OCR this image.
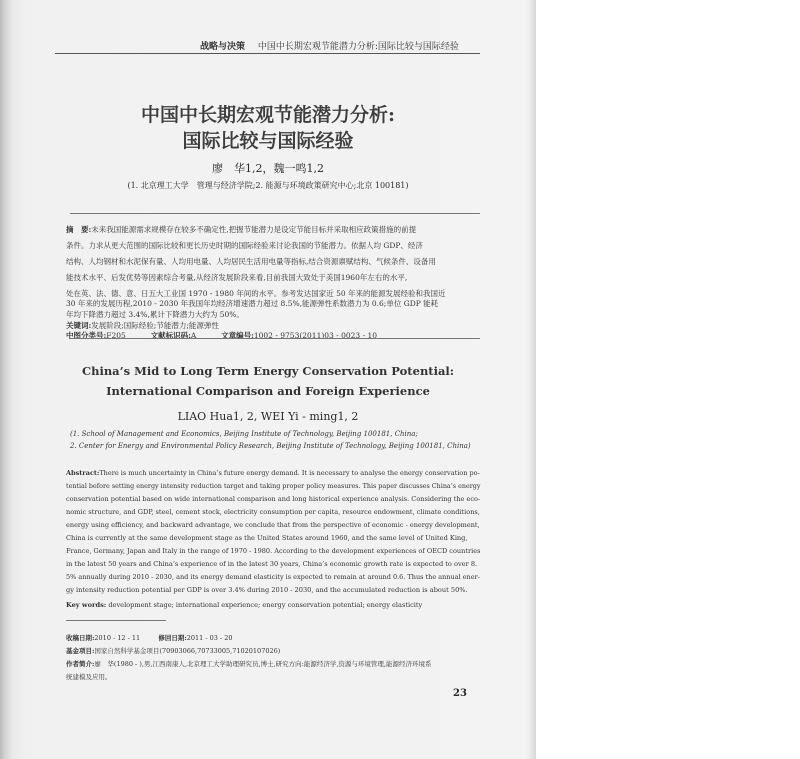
战略与决策 中国中长期宏观节能潜力分析:国际比较与国际经验
中国中长期宏观节能潜力分析:
国际比较与国际经验
廖　华1,2，魏一鸣1,2
(1. 北京理工大学　管理与经济学院;2. 能源与环境政策研究中心;北京 100181)
摘　要:未来我国能源需求规模存在较多不确定性,把握节能潜力是设定节能目标并采取相应政策措施的前提
条件。力求从更大范围的国际比较和更长历史时期的国际经验来讨论我国的节能潜力。依据人均 GDP、经济
结构、人均钢材和水泥保有量、人均用电量、人均居民生活用电量等指标,结合资源禀赋结构、气候条件、设备用
能技术水平、后发优势等因素综合考量,从经济发展阶段来看,目前我国大致处于美国1960年左右的水平,
处在英、法、德、意、日五大工业国 1970 - 1980 年间的水平。参考发达国家近 50 年来的能源发展经验和我国近
30 年来的发展历程,2010 - 2030 年我国年均经济增速潜力超过 8.5%,能源弹性系数潜力为 0.6;单位 GDP 能耗
年均下降潜力超过 3.4%,累计下降潜力大约为 50%。
关键词:发展阶段;国际经验;节能潜力;能源弹性
中图分类号:F205	文献标识码:A	文章编号:1002 - 9753(2011)03 - 0023 - 10
China’s Mid to Long Term Energy Conservation Potential:
International Comparison and Foreign Experience
LIAO Hua1, 2, WEI Yi - ming1, 2
(1. School of Management and Economics, Beijing Institute of Technology, Beijing 100181, China;
2. Center for Energy and Environmental Policy Research, Beijing Institute of Technology, Beijing 100181, China)
Abstract:There is much uncertainty in China’s future energy demand. It is necessary to analyse the energy conservation po-
tential before setting energy intensity reduction target and taking proper policy measures. This paper discusses China’s energy
conservation potential based on wide international comparison and long historical experience analysis. Considering the eco-
nomic structure, and GDP, steel, cement stock, electricity consumption per capita, resource endowment, climate conditions,
energy using efficiency, and backward advantage, we conclude that from the perspective of economic - energy development,
China is currently at the same development stage as the United States around 1960, and the same level of United King,
France, Germany, Japan and Italy in the range of 1970 - 1980. According to the development experiences of OECD countries
in the latest 50 years and China’s experience of in the latest 30 years, China’s economic growth rate is expected to over 8.
5% annually during 2010 - 2030, and its energy demand elasticity is expected to remain at around 0.6. Thus the annual ener-
gy intensity reduction potential per GDP is over 3.4% during 2010 - 2030, and the accumulated reduction is about 50%.
Key words: development stage; international experience; energy conservation potential; energy elasticity
收稿日期:2010 - 12 - 11	修回日期:2011 - 03 - 20
基金项目:国家自然科学基金项目(70903066,70733005,71020107026)
作者简介:廖　华(1980 - ),男,江西南康人,北京理工大学助理研究员,博士,研究方向:能源经济学,资源与环境管理,能源经济环境系
统建模及应用。
23
